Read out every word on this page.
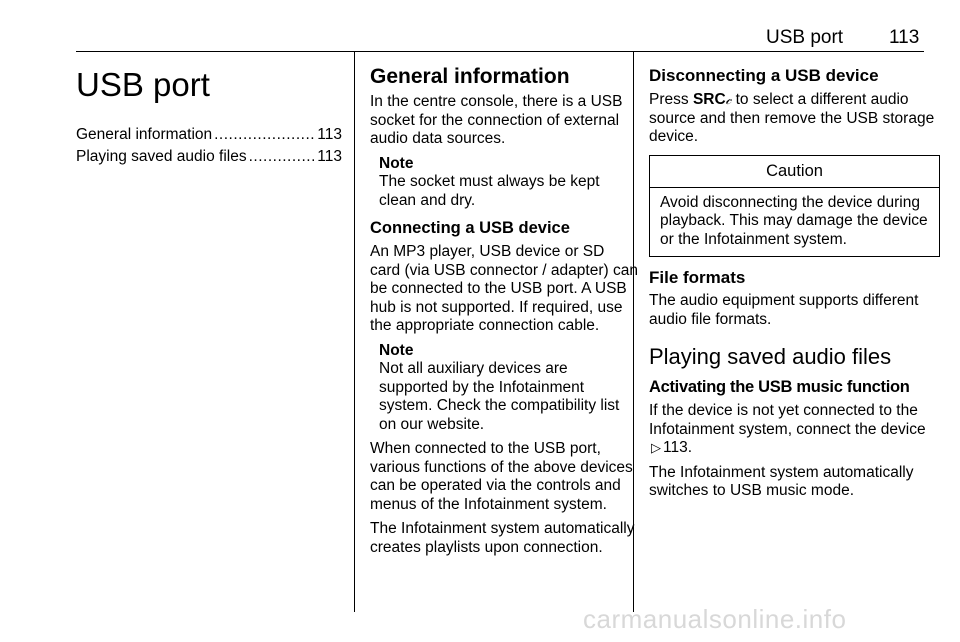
USB port 113
USB port
General information .....	113
Playing saved audio files .....	113
General information

In the centre console, there is a USB socket for the connection of external audio data sources.

Note
The socket must always be kept clean and dry.
Connecting a USB device

An MP3 player, USB device or SD card (via USB connector / adapter) can be connected to the USB port. A USB hub is not supported. If required, use the appropriate connection cable.

Note
Not all auxiliary devices are supported by the Infotainment system. Check the compatibility list on our website.

When connected to the USB port, various functions of the above devices can be operated via the controls and menus of the Infotainment system.

The Infotainment system automatically creates playlists upon connection.

Disconnecting a USB device

Press SRC𝒸 to select a different audio source and then remove the USB storage device.

Caution
Avoid disconnecting the device during playback. This may damage the device or the Infotainment system.
File formats

The audio equipment supports different audio file formats.

Playing saved audio files
Activating the USB music function

If the device is not yet connected to the Infotainment system, connect the device ▷ 113.

The Infotainment system automatically switches to USB music mode.

carmanualsonline.info
